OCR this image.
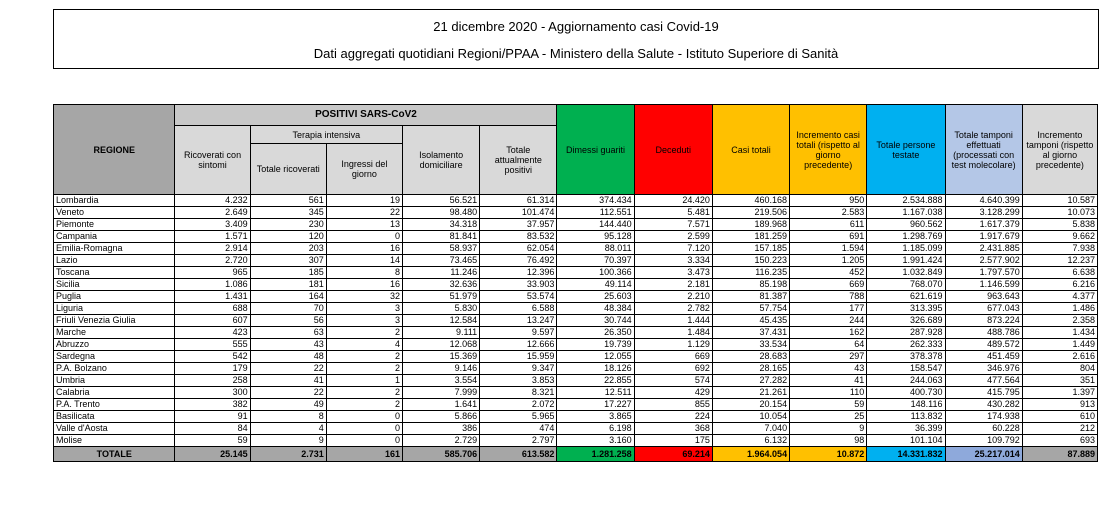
21 dicembre 2020 - Aggiornamento casi Covid-19
Dati aggregati quotidiani Regioni/PPAA - Ministero della Salute - Istituto Superiore di Sanità
REGIONE	POSITIVI SARS-CoV2					Dimessi guariti	Deceduti	Casi totali	Incremento casi totali (rispetto al giorno precedente)	Totale persone testate	Totale tamponi effettuati (processati con test molecolare)	Incremento tamponi (rispetto al giorno precedente)
	Ricoverati con sintomi	Terapia intensiva		Isolamento domiciliare	Totale attualmente positivi							
		Totale ricoverati	Ingressi del giorno									
Lombardia	4.232	561	19	56.521	61.314	374.434	24.420	460.168	950	2.534.888	4.640.399	10.587
Veneto	2.649	345	22	98.480	101.474	112.551	5.481	219.506	2.583	1.167.038	3.128.299	10.073
Piemonte	3.409	230	13	34.318	37.957	144.440	7.571	189.968	611	960.562	1.617.379	5.838
Campania	1.571	120	0	81.841	83.532	95.128	2.599	181.259	691	1.298.769	1.917.679	9.662
Emilia-Romagna	2.914	203	16	58.937	62.054	88.011	7.120	157.185	1.594	1.185.099	2.431.885	7.938
Lazio	2.720	307	14	73.465	76.492	70.397	3.334	150.223	1.205	1.991.424	2.577.902	12.237
Toscana	965	185	8	11.246	12.396	100.366	3.473	116.235	452	1.032.849	1.797.570	6.638
Sicilia	1.086	181	16	32.636	33.903	49.114	2.181	85.198	669	768.070	1.146.599	6.216
Puglia	1.431	164	32	51.979	53.574	25.603	2.210	81.387	788	621.619	963.643	4.377
Liguria	688	70	3	5.830	6.588	48.384	2.782	57.754	177	313.395	677.043	1.486
Friuli Venezia Giulia	607	56	3	12.584	13.247	30.744	1.444	45.435	244	326.689	873.224	2.358
Marche	423	63	2	9.111	9.597	26.350	1.484	37.431	162	287.928	488.786	1.434
Abruzzo	555	43	4	12.068	12.666	19.739	1.129	33.534	64	262.333	489.572	1.449
Sardegna	542	48	2	15.369	15.959	12.055	669	28.683	297	378.378	451.459	2.616
P.A. Bolzano	179	22	2	9.146	9.347	18.126	692	28.165	43	158.547	346.976	804
Umbria	258	41	1	3.554	3.853	22.855	574	27.282	41	244.063	477.564	351
Calabria	300	22	2	7.999	8.321	12.511	429	21.261	110	400.730	415.795	1.397
P.A. Trento	382	49	2	1.641	2.072	17.227	855	20.154	59	148.116	430.282	913
Basilicata	91	8	0	5.866	5.965	3.865	224	10.054	25	113.832	174.938	610
Valle d'Aosta	84	4	0	386	474	6.198	368	7.040	9	36.399	60.228	212
Molise	59	9	0	2.729	2.797	3.160	175	6.132	98	101.104	109.792	693
TOTALE	25.145	2.731	161	585.706	613.582	1.281.258	69.214	1.964.054	10.872	14.331.832	25.217.014	87.889
